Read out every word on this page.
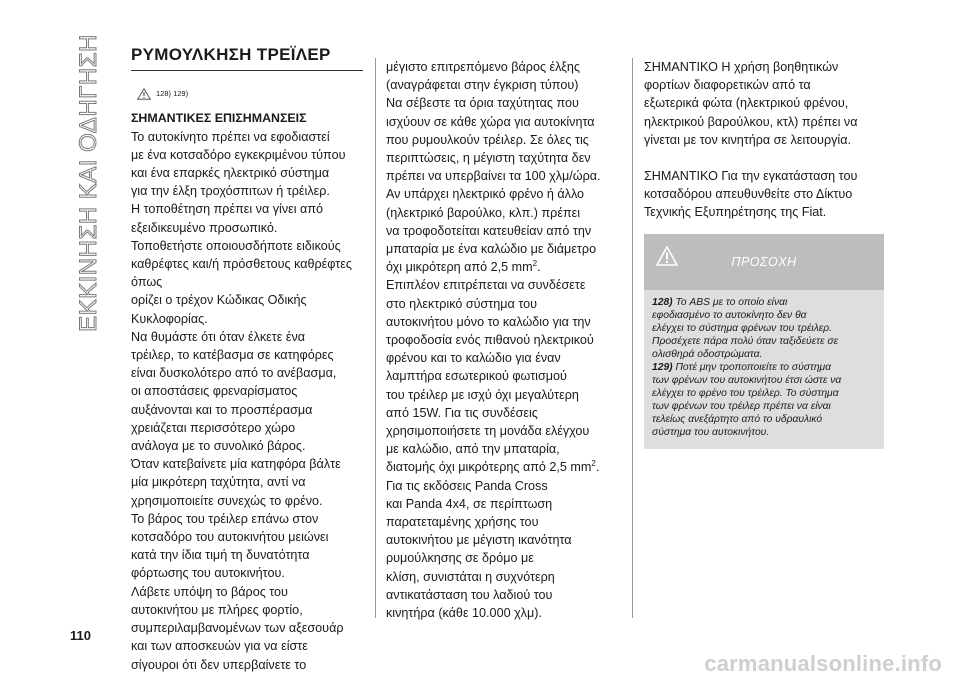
ΕΚΚΙΝΗΣΗ ΚΑΙ ΟΔΗΓΗΣΗ ΡΥΜΟΥΛΚΗΣΗ ΤΡΕΪΛΕΡ

128) 129)

ΣΗΜΑΝΤΙΚΕΣ ΕΠΙΣΗΜΑΝΣΕΙΣ

Το αυτοκίνητο πρέπει να εφοδιαστεί

με ένα κοτσαδόρο εγκεκριμένου τύπου

και ένα επαρκές ηλεκτρικό σύστημα

για την έλξη τροχόσπιτων ή τρέιλερ.

Η τοποθέτηση πρέπει να γίνει από

εξειδικευμένο προσωπικό.

Τοποθετήστε οποιουσδήποτε ειδικούς

καθρέφτες και/ή πρόσθετους καθρέφτες όπως

ορίζει ο τρέχον Κώδικας Οδικής

Κυκλοφορίας.

Να θυμάστε ότι όταν έλκετε ένα

τρέιλερ, το κατέβασμα σε κατηφόρες

είναι δυσκολότερο από το ανέβασμα,

οι αποστάσεις φρεναρίσματος

αυξάνονται και το προσπέρασμα

χρειάζεται περισσότερο χώρο

ανάλογα με το συνολικό βάρος.

Όταν κατεβαίνετε μία κατηφόρα βάλτε

μία μικρότερη ταχύτητα, αντί να

χρησιμοποιείτε συνεχώς το φρένο.

Το βάρος του τρέιλερ επάνω στον

κοτσαδόρο του αυτοκινήτου μειώνει

κατά την ίδια τιμή τη δυνατότητα

φόρτωσης του αυτοκινήτου.

Λάβετε υπόψη το βάρος του

αυτοκινήτου με πλήρες φορτίο,

συμπεριλαμβανομένων των αξεσουάρ

και των αποσκευών για να είστε

σίγουροι ότι δεν υπερβαίνετε το

μέγιστο επιτρεπόμενο βάρος έλξης

(αναγράφεται στην έγκριση τύπου)

Να σέβεστε τα όρια ταχύτητας που

ισχύουν σε κάθε χώρα για αυτοκίνητα

που ρυμουλκούν τρέιλερ. Σε όλες τις

περιπτώσεις, η μέγιστη ταχύτητα δεν

πρέπει να υπερβαίνει τα 100 χλμ/ώρα.

Αν υπάρχει ηλεκτρικό φρένο ή άλλο

(ηλεκτρικό βαρούλκο, κλπ.) πρέπει

να τροφοδοτείται κατευθείαν από την

μπαταρία με ένα καλώδιο με διάμετρο

όχι μικρότερη από 2,5 $mm^2$.

Επιπλέον επιτρέπεται να συνδέσετε

στο ηλεκτρικό σύστημα του

αυτοκινήτου μόνο το καλώδιο για την

τροφοδοσία ενός πιθανού ηλεκτρικού

φρένου και το καλώδιο για έναν

λαμπτήρα εσωτερικού φωτισμού

του τρέιλερ με ισχύ όχι μεγαλύτερη

από 15W. Για τις συνδέσεις

χρησιμοποιήσετε τη μονάδα ελέγχου

με καλώδιο, από την μπαταρία,

διατομής όχι μικρότερης από 2,5 $mm^2$.

Για τις εκδόσεις Panda Cross

και Panda 4x4, σε περίπτωση

παρατεταμένης χρήσης του

αυτοκινήτου με μέγιστη ικανότητα

ρυμούλκησης σε δρόμο με

κλίση, συνιστάται η συχνότερη

αντικατάσταση του λαδιού του

κινητήρα (κάθε 10.000 χλμ).

ΣΗΜΑΝΤΙΚΟ Η χρήση βοηθητικών

φορτίων διαφορετικών από τα

εξωτερικά φώτα (ηλεκτρικού φρένου,

ηλεκτρικού βαρούλκου, κτλ) πρέπει να

γίνεται με τον κινητήρα σε λειτουργία.

ΣΗΜΑΝΤΙΚΟ Για την εγκατάσταση του

κοτσαδόρου απευθυνθείτε στο Δίκτυο

Τεχνικής Εξυπηρέτησης της Fiat.

ΠΡΟΣΟΧΗ
128) Το ABS με το οποίο είναι
εφοδιασμένο το αυτοκίνητο δεν θα
ελέγχει το σύστημα φρένων του τρέιλερ.
Προσέχετε πάρα πολύ όταν ταξιδεύετε σε
ολισθηρά οδοστρώματα.
129) Ποτέ μην τροποποιείτε το σύστημα
των φρένων του αυτοκινήτου έτσι ώστε να
ελέγχει το φρένο του τρέιλερ. Το σύστημα
των φρένων του τρέιλερ πρέπει να είναι
τελείως ανεξάρτητο από το υδραυλικό
σύστημα του αυτοκινήτου.
110
carmanualsonline.info
